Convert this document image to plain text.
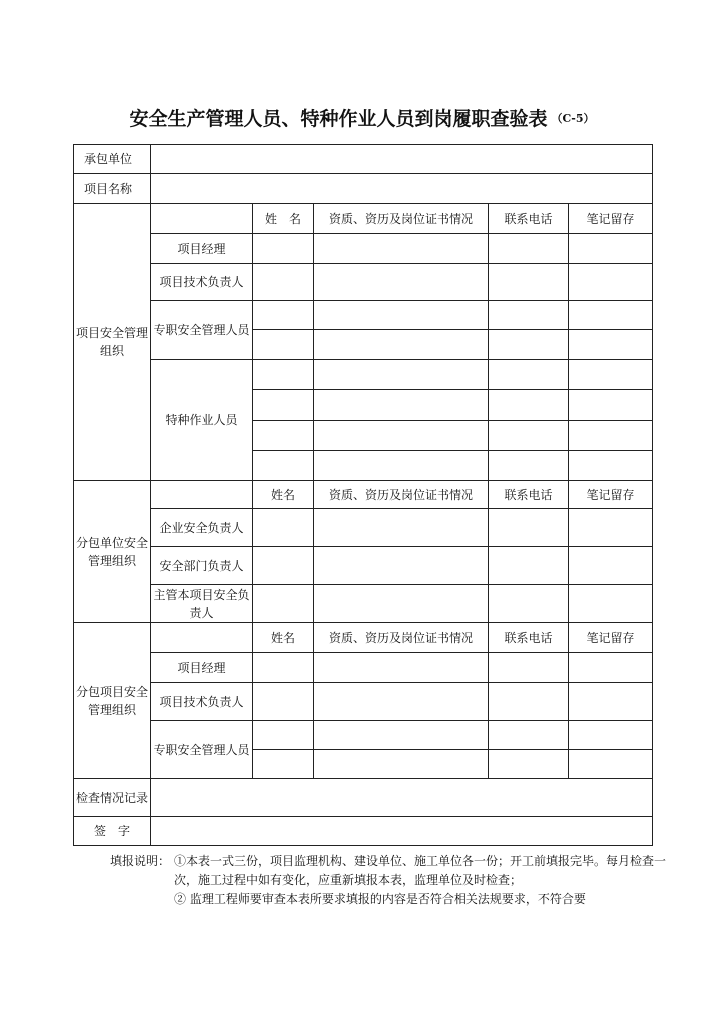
安全生产管理人员、特种作业人员到岗履职查验表 （C-5）
承包单位					
项目名称					
项目安全管理组织		姓　名	资质、资历及岗位证书情况	联系电话	笔记留存
	项目经理				
	项目技术负责人				
	专职安全管理人员				

	特种作业人员				

分包单位安全管理组织		姓名	资质、资历及岗位证书情况	联系电话	笔记留存
	企业安全负责人				
	安全部门负责人				
	主管本项目安全负责人				
分包项目安全管理组织		姓名	资质、资历及岗位证书情况	联系电话	笔记留存
	项目经理				
	项目技术负责人				
	专职安全管理人员				

检查情况记录					
签　字					
填报说明： ①本表一式三份，项目监理机构、建设单位、施工单位各一份；开工前填报完毕。每月检查一次，施工过程中如有变化，应重新填报本表，监理单位及时检查；
② 监理工程师要审查本表所要求填报的内容是否符合相关法规要求，不符合要
